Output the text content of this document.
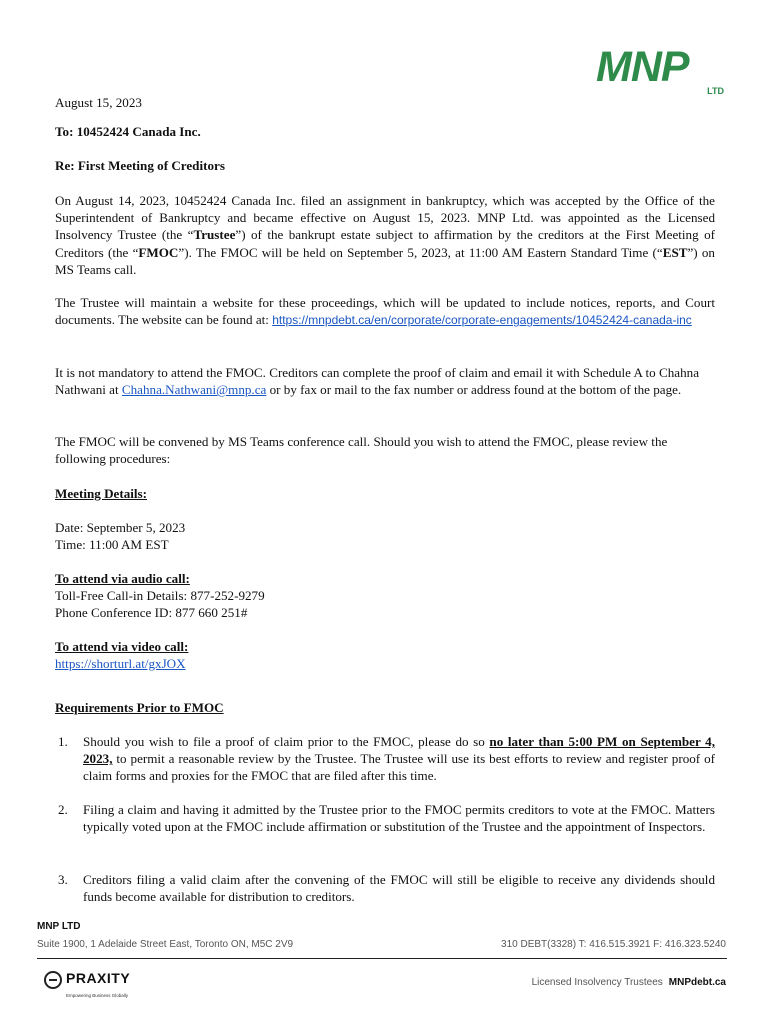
MNP LTD
August 15, 2023
To: 10452424 Canada Inc.
Re: First Meeting of Creditors
On August 14, 2023, 10452424 Canada Inc. filed an assignment in bankruptcy, which was accepted by the Office of the Superintendent of Bankruptcy and became effective on August 15, 2023. MNP Ltd. was appointed as the Licensed Insolvency Trustee (the “Trustee”) of the bankrupt estate subject to affirmation by the creditors at the First Meeting of Creditors (the “FMOC”). The FMOC will be held on September 5, 2023, at 11:00 AM Eastern Standard Time (“EST”) on MS Teams call.
The Trustee will maintain a website for these proceedings, which will be updated to include notices, reports, and Court documents. The website can be found at: https://mnpdebt.ca/en/corporate/corporate-engagements/10452424-canada-inc
It is not mandatory to attend the FMOC. Creditors can complete the proof of claim and email it with Schedule A to Chahna Nathwani at Chahna.Nathwani@mnp.ca or by fax or mail to the fax number or address found at the bottom of the page.
The FMOC will be convened by MS Teams conference call. Should you wish to attend the FMOC, please review the following procedures:
Meeting Details:
Date: September 5, 2023
Time: 11:00 AM EST
To attend via audio call:
Toll-Free Call-in Details: 877-252-9279
Phone Conference ID: 877 660 251#
To attend via video call:
https://shorturl.at/gxJOX
Requirements Prior to FMOC
1. Should you wish to file a proof of claim prior to the FMOC, please do so no later than 5:00 PM on September 4, 2023, to permit a reasonable review by the Trustee. The Trustee will use its best efforts to review and register proof of claim forms and proxies for the FMOC that are filed after this time.
2. Filing a claim and having it admitted by the Trustee prior to the FMOC permits creditors to vote at the FMOC. Matters typically voted upon at the FMOC include affirmation or substitution of the Trustee and the appointment of Inspectors.
3. Creditors filing a valid claim after the convening of the FMOC will still be eligible to receive any dividends should funds become available for distribution to creditors.
MNP LTD
Suite 1900, 1 Adelaide Street East, Toronto ON, M5C 2V9	310 DEBT(3328) T: 416.515.3921 F: 416.323.5240
PRAXITY
Empowering Business Globally
Licensed Insolvency Trustees MNPdebt.ca
